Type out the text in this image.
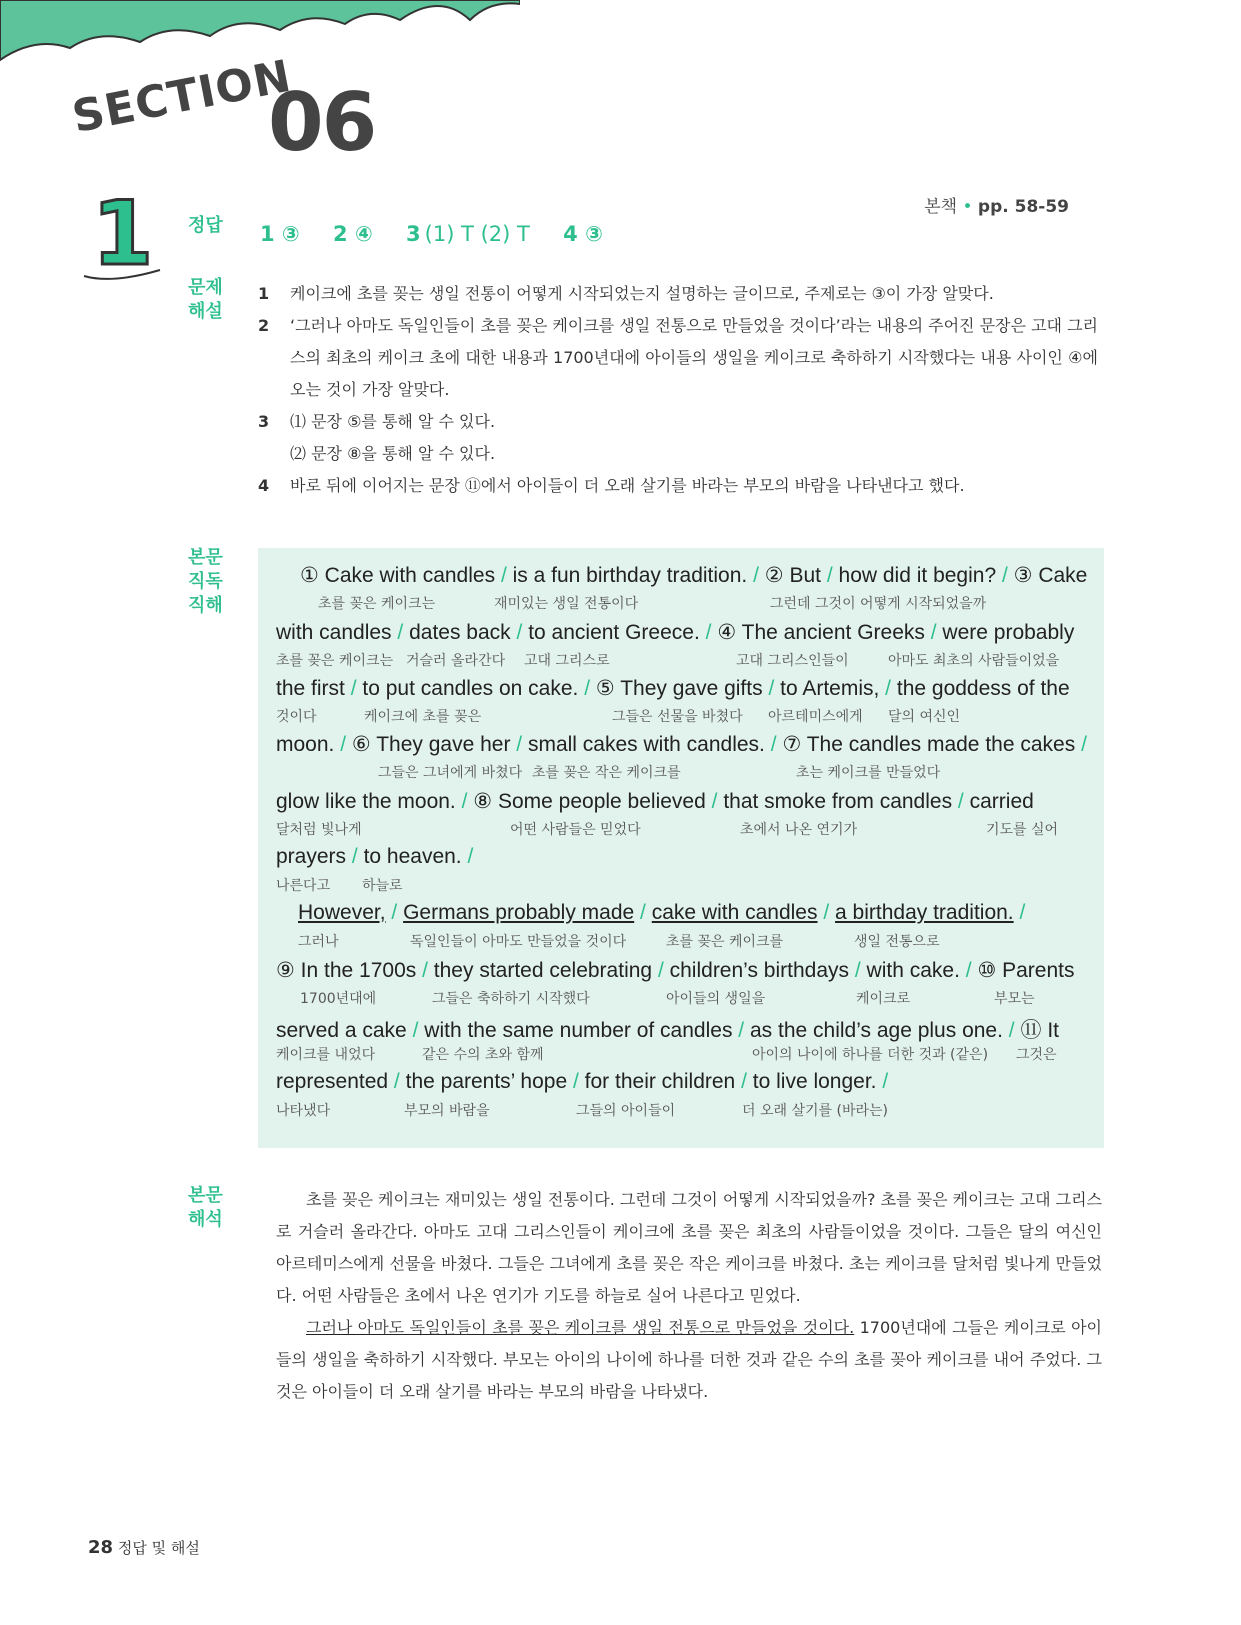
SECTION
06
본책 • pp. 58-59
1 정답 1 ③ 2 ④ 3 (1) T (2) T 4 ③
문제
해설
1	케이크에 초를 꽂는 생일 전통이 어떻게 시작되었는지 설명하는 글이므로, 주제로는 ③이 가장 알맞다.
2	‘그러나 아마도 독일인들이 초를 꽂은 케이크를 생일 전통으로 만들었을 것이다’라는 내용의 주어진 문장은 고대 그리스의 최초의 케이크 초에 대한 내용과 1700년대에 아이들의 생일을 케이크로 축하하기 시작했다는 내용 사이인 ④에 오는 것이 가장 알맞다.
3	⑴ 문장 ⑤를 통해 알 수 있다.
⑵ 문장 ⑧을 통해 알 수 있다.
4	바로 뒤에 이어지는 문장 ⑪에서 아이들이 더 오래 살기를 바라는 부모의 바람을 나타낸다고 했다.
본문
직독
직해
① Cake with candles / is a fun birthday tradition. / ② But / how did it begin? / ③ Cake
초를 꽂은 케이크는	재미있는 생일 전통이다	그런데 그것이 어떻게 시작되었을까
with candles / dates back / to ancient Greece. / ④ The ancient Greeks / were probably
초를 꽂은 케이크는 거슬러 올라간다 고대 그리스로	고대 그리스인들이	아마도 최초의 사람들이었을
the first / to put candles on cake. / ⑤ They gave gifts / to Artemis, / the goddess of the
것이다	케이크에 초를 꽂은	그들은 선물을 바쳤다 아르테미스에게 달의 여신인
moon. / ⑥ They gave her / small cakes with candles. / ⑦ The candles made the cakes /
그들은 그녀에게 바쳤다 초를 꽂은 작은 케이크를	초는 케이크를 만들었다
glow like the moon. / ⑧ Some people believed / that smoke from candles / carried
달처럼 빛나게	어떤 사람들은 믿었다	초에서 나온 연기가	기도를 실어
prayers / to heaven. /
나른다고 하늘로
However, / Germans probably made / cake with candles / a birthday tradition. /
그러나	독일인들이 아마도 만들었을 것이다	초를 꽂은 케이크를	생일 전통으로
⑨ In the 1700s / they started celebrating / children’s birthdays / with cake. / ⑩ Parents
1700년대에	그들은 축하하기 시작했다	아이들의 생일을	케이크로	부모는
served a cake / with the same number of candles / as the child’s age plus one. / ⑪ It
케이크를 내었다	같은 수의 초와 함께	아이의 나이에 하나를 더한 것과 (같은) 그것은
represented / the parents’ hope / for their children / to live longer. /
나타냈다	부모의 바람을	그들의 아이들이	더 오래 살기를 (바라는)
본문
해석

초를 꽂은 케이크는 재미있는 생일 전통이다. 그런데 그것이 어떻게 시작되었을까? 초를 꽂은 케이크는 고대 그리스로 거슬러 올라간다. 아마도 고대 그리스인들이 케이크에 초를 꽂은 최초의 사람들이었을 것이다. 그들은 달의 여신인 아르테미스에게 선물을 바쳤다. 그들은 그녀에게 초를 꽂은 작은 케이크를 바쳤다. 초는 케이크를 달처럼 빛나게 만들었다. 어떤 사람들은 초에서 나온 연기가 기도를 하늘로 실어 나른다고 믿었다.

그러나 아마도 독일인들이 초를 꽂은 케이크를 생일 전통으로 만들었을 것이다. 1700년대에 그들은 케이크로 아이들의 생일을 축하하기 시작했다. 부모는 아이의 나이에 하나를 더한 것과 같은 수의 초를 꽂아 케이크를 내어 주었다. 그것은 아이들이 더 오래 살기를 바라는 부모의 바람을 나타냈다.

28 정답 및 해설
